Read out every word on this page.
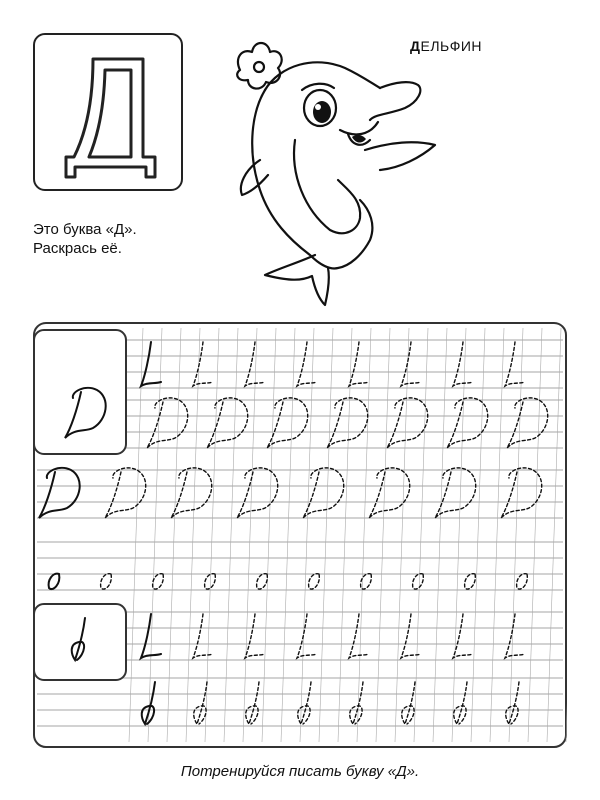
ДЕЛЬФИН
Это буква «Д».
Раскрась её.
Потренируйся писать букву «Д».
